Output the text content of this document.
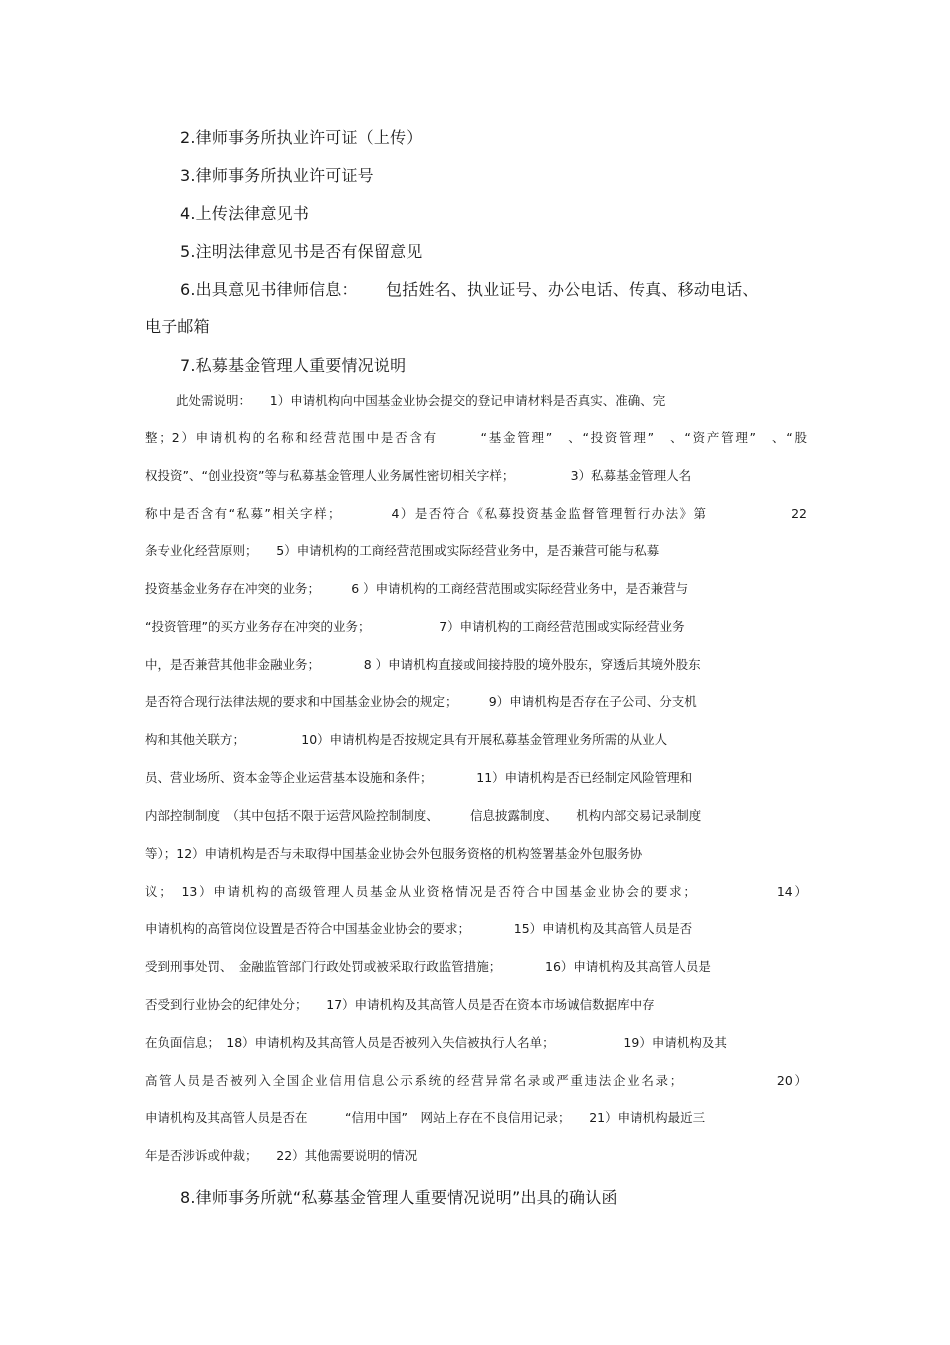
2.律师事务所执业许可证（上传）
3.律师事务所执业许可证号
4.上传法律意见书
5.注明法律意见书是否有保留意见
6.出具意见书律师信息： 包括姓名、执业证号、办公电话、传真、移动电话、
电子邮箱
7.私募基金管理人重要情况说明
此处需说明：　　1）申请机构向中国基金业协会提交的登记申请材料是否真实、准确、完
整；2）申请机构的名称和经营范围中是否含有　　　“基金管理”　、“投资管理”　、“资产管理”　、“股
权投资”、“创业投资”等与私募基金管理人业务属性密切相关字样；　　　　　3）私募基金管理人名
称中是否含有“私募”相关字样；　　　　4）是否符合《私募投资基金监督管理暂行办法》第　　　　　　22
条专业化经营原则；　　5）申请机构的工商经营范围或实际经营业务中，是否兼营可能与私募
投资基金业务存在冲突的业务；　　　6 ）申请机构的工商经营范围或实际经营业务中，是否兼营与
“投资管理”的买方业务存在冲突的业务；　　　　　　7）申请机构的工商经营范围或实际经营业务
中，是否兼营其他非金融业务；　　　　8 ）申请机构直接或间接持股的境外股东，穿透后其境外股东
是否符合现行法律法规的要求和中国基金业协会的规定；　　　9）申请机构是否存在子公司、分支机
构和其他关联方；　　　　　10）申请机构是否按规定具有开展私募基金管理业务所需的从业人
员、营业场所、资本金等企业运营基本设施和条件；　　　　11）申请机构是否已经制定风险管理和
内部控制制度　（其中包括不限于运营风险控制制度、　　　信息披露制度、　　机构内部交易记录制度
等）；12）申请机构是否与未取得中国基金业协会外包服务资格的机构签署基金外包服务协
议；　13）申请机构的高级管理人员基金从业资格情况是否符合中国基金业协会的要求；　　　　　　14）
申请机构的高管岗位设置是否符合中国基金业协会的要求；　　　　15）申请机构及其高管人员是否
受到刑事处罚、　金融监管部门行政处罚或被采取行政监管措施；　　　　16）申请机构及其高管人员是
否受到行业协会的纪律处分；　　17）申请机构及其高管人员是否在资本市场诚信数据库中存
在负面信息；　18）申请机构及其高管人员是否被列入失信被执行人名单；　　　　　　19）申请机构及其
高管人员是否被列入全国企业信用信息公示系统的经营异常名录或严重违法企业名录；　　　　　　　20）
申请机构及其高管人员是否在　　　“信用中国”　网站上存在不良信用记录；　　21）申请机构最近三
年是否涉诉或仲裁；　　22）其他需要说明的情况
8.律师事务所就“私募基金管理人重要情况说明”出具的确认函
